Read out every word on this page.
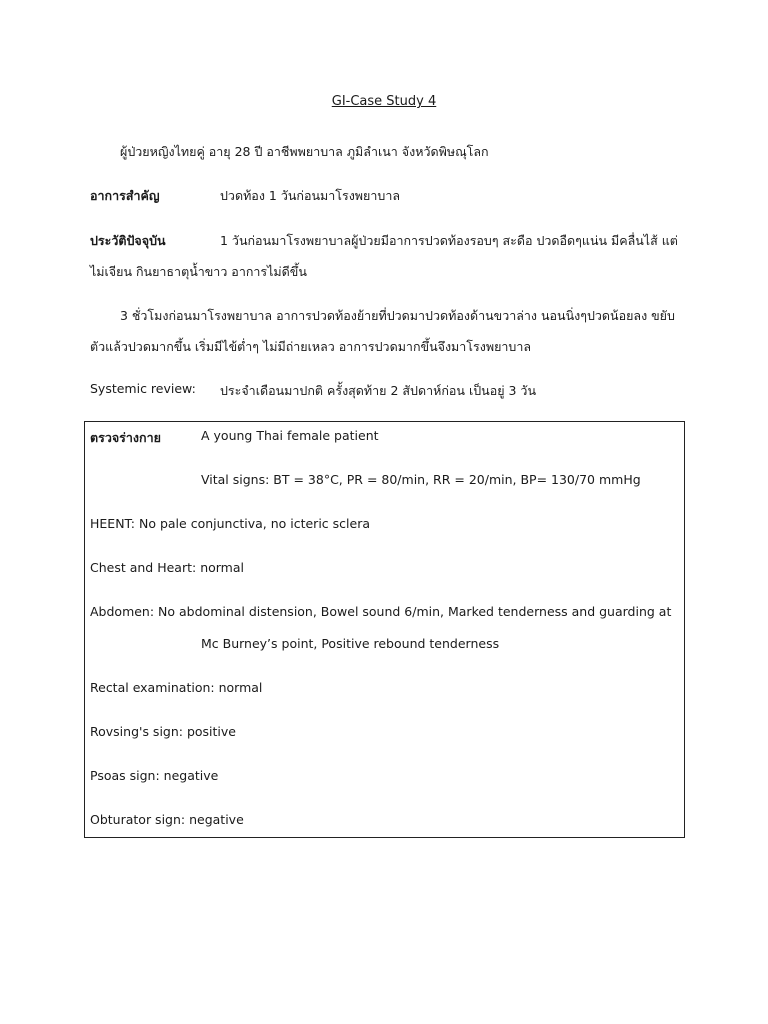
GI-Case Study 4
ผู้ป่วยหญิงไทยคู่ อายุ 28 ปี อาชีพพยาบาล ภูมิลำเนา จังหวัดพิษณุโลก
อาการสำคัญ	ปวดท้อง 1 วันก่อนมาโรงพยาบาล
ประวัติปัจจุบัน	1 วันก่อนมาโรงพยาบาลผู้ป่วยมีอาการปวดท้องรอบๆ สะดือ ปวดอืดๆแน่น มีคลื่นไส้ แต่
ไม่เจียน กินยาธาตุน้ำขาว อาการไม่ดีขึ้น
3 ชั่วโมงก่อนมาโรงพยาบาล อาการปวดท้องย้ายที่ปวดมาปวดท้องด้านขวาล่าง นอนนิ่งๆปวดน้อยลง ขยับ
ตัวแล้วปวดมากขึ้น เริ่มมีไข้ต่ำๆ ไม่มีถ่ายเหลว อาการปวดมากขึ้นจึงมาโรงพยาบาล
Systemic review: ประจำเดือนมาปกติ ครั้งสุดท้าย 2 สัปดาห์ก่อน เป็นอยู่ 3 วัน
ตรวจร่างกาย	A young Thai female patient
Vital signs: BT = 38°C, PR = 80/min, RR = 20/min, BP= 130/70 mmHg
HEENT: No pale conjunctiva, no icteric sclera
Chest and Heart: normal
Abdomen: No abdominal distension, Bowel sound 6/min, Marked tenderness and guarding at
Mc Burney’s point, Positive rebound tenderness
Rectal examination: normal
Rovsing's sign: positive
Psoas sign: negative
Obturator sign: negative
